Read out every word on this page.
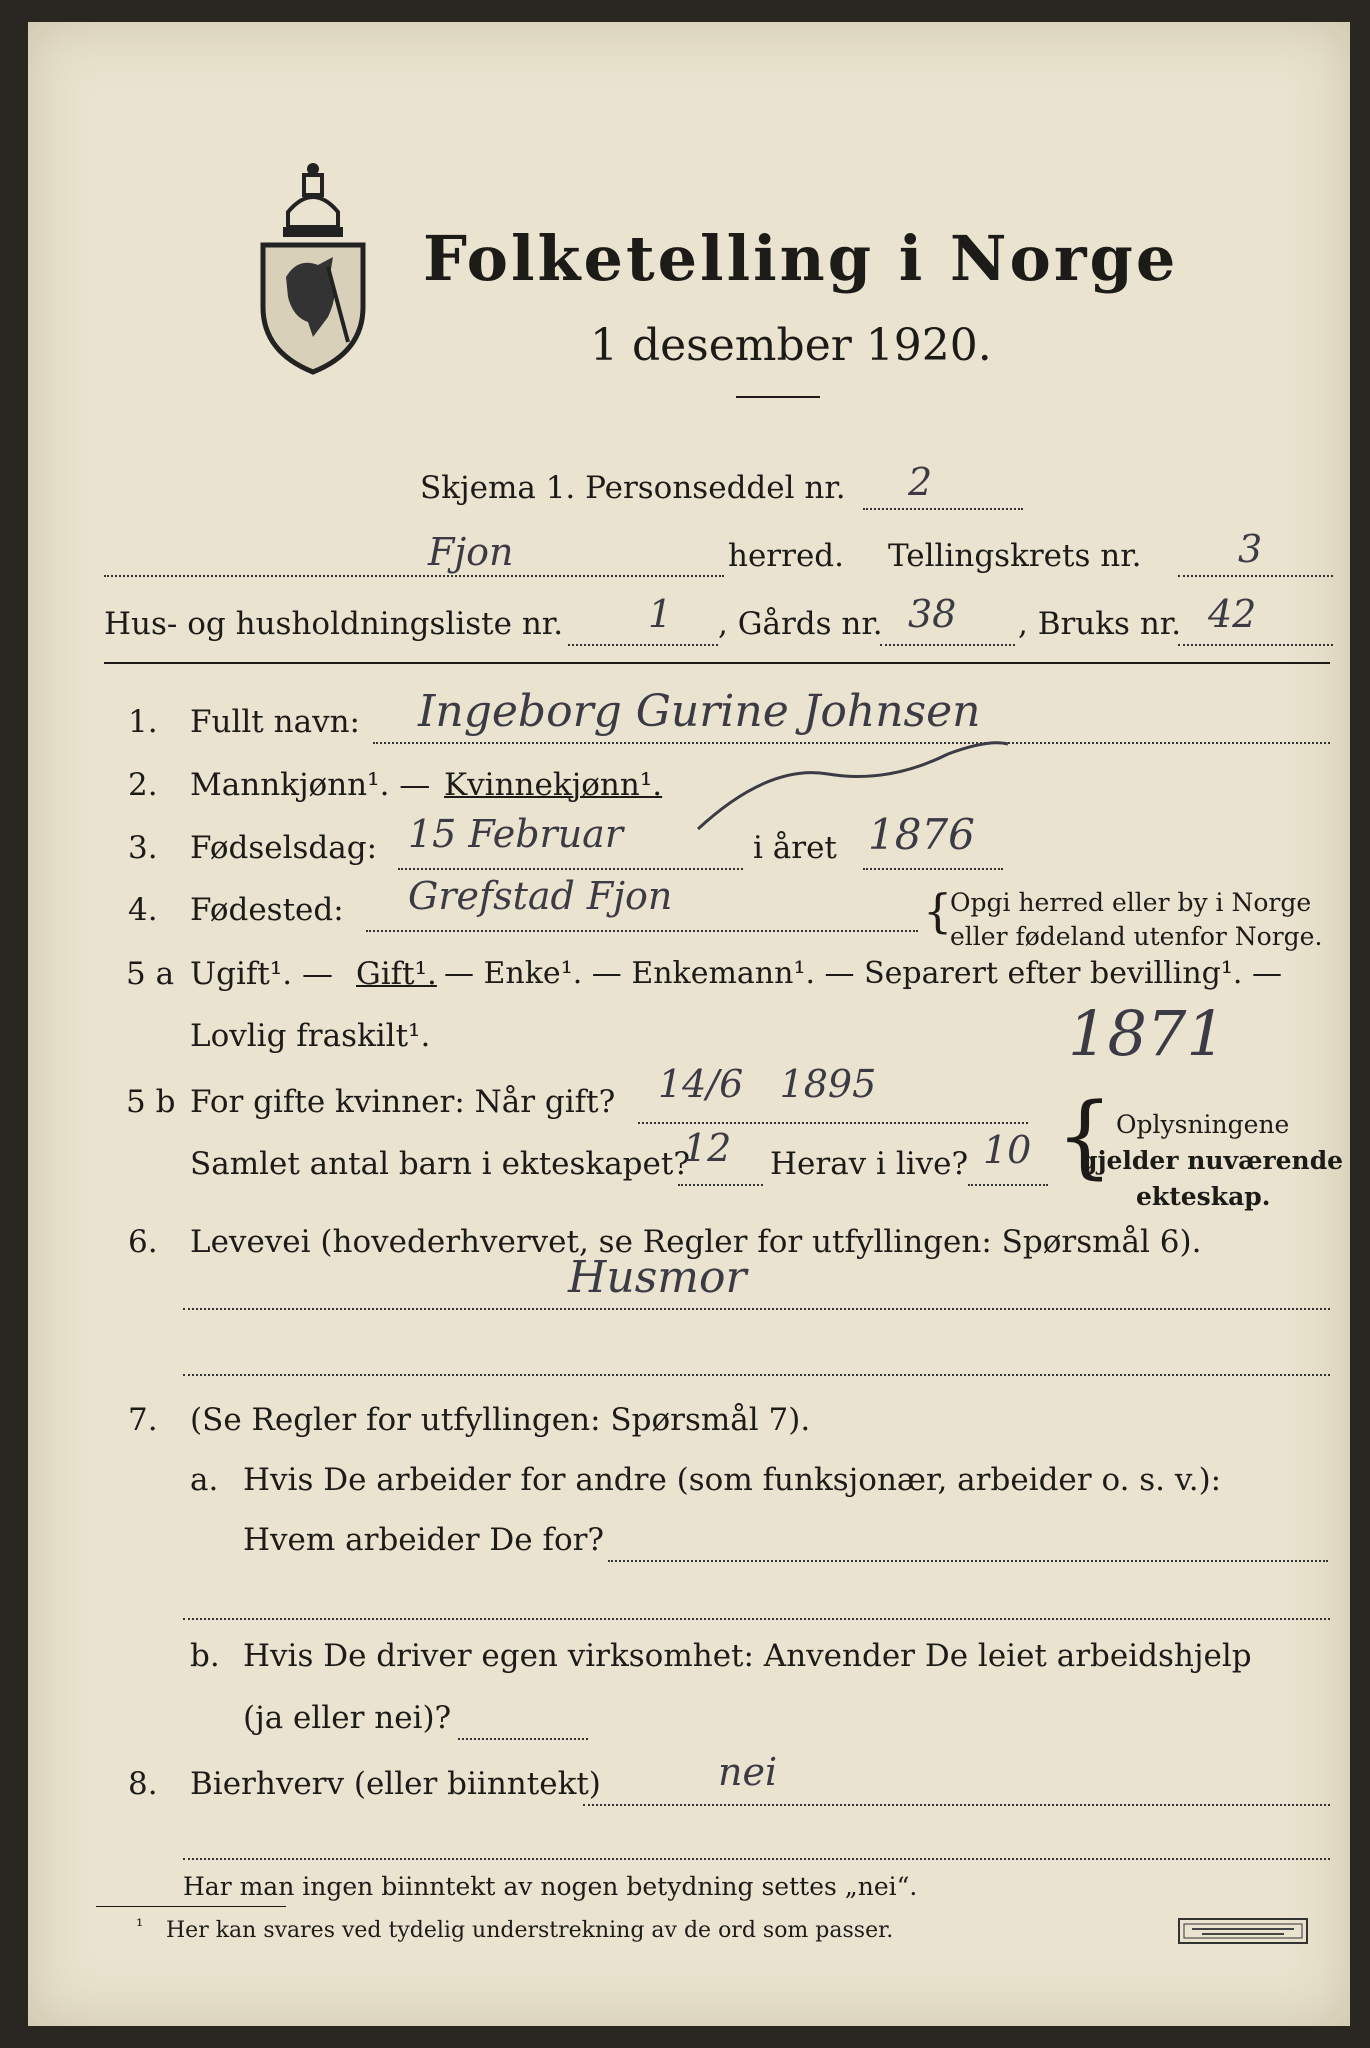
Folketelling i Norge
1 desember 1920.
Skjema 1. Personseddel nr. 2
Fjon	herred. Tellingskrets nr.	3
Hus- og husholdningsliste nr. 1 , Gårds nr. 38 , Bruks nr. 42
1. Fullt navn: Ingeborg Gurine Johnsen
2. Mannkjønn¹. — Kvinnekjønn¹.
3. Fødselsdag: 15 Februar	i året 1876
4. Fødested: Grefstad Fjon	{
Opgi herred eller by i Norge
eller fødeland utenfor Norge.
5 a Ugift¹. — Gift¹. — Enke¹. — Enkemann¹. — Separert efter bevilling¹. —
Lovlig fraskilt¹.	1871
5 b For gifte kvinner: Når gift? 14/6   1895
Samlet antal barn i ekteskapet?
12 Herav i live? 10 { Oplysningene
gjelder nuværende
ekteskap.
6. Levevei (hovederhvervet, se Regler for utfyllingen: Spørsmål 6).
Husmor
7. (Se Regler for utfyllingen: Spørsmål 7).
a. Hvis De arbeider for andre (som funksjonær, arbeider o. s. v.):
Hvem arbeider De for?
b. Hvis De driver egen virksomhet: Anvender De leiet arbeidshjelp
(ja eller nei)?
8. Bierhverv (eller biinntekt)	nei
Har man ingen biinntekt av nogen betydning settes „nei“.
¹ Her kan svares ved tydelig understrekning av de ord som passer.
